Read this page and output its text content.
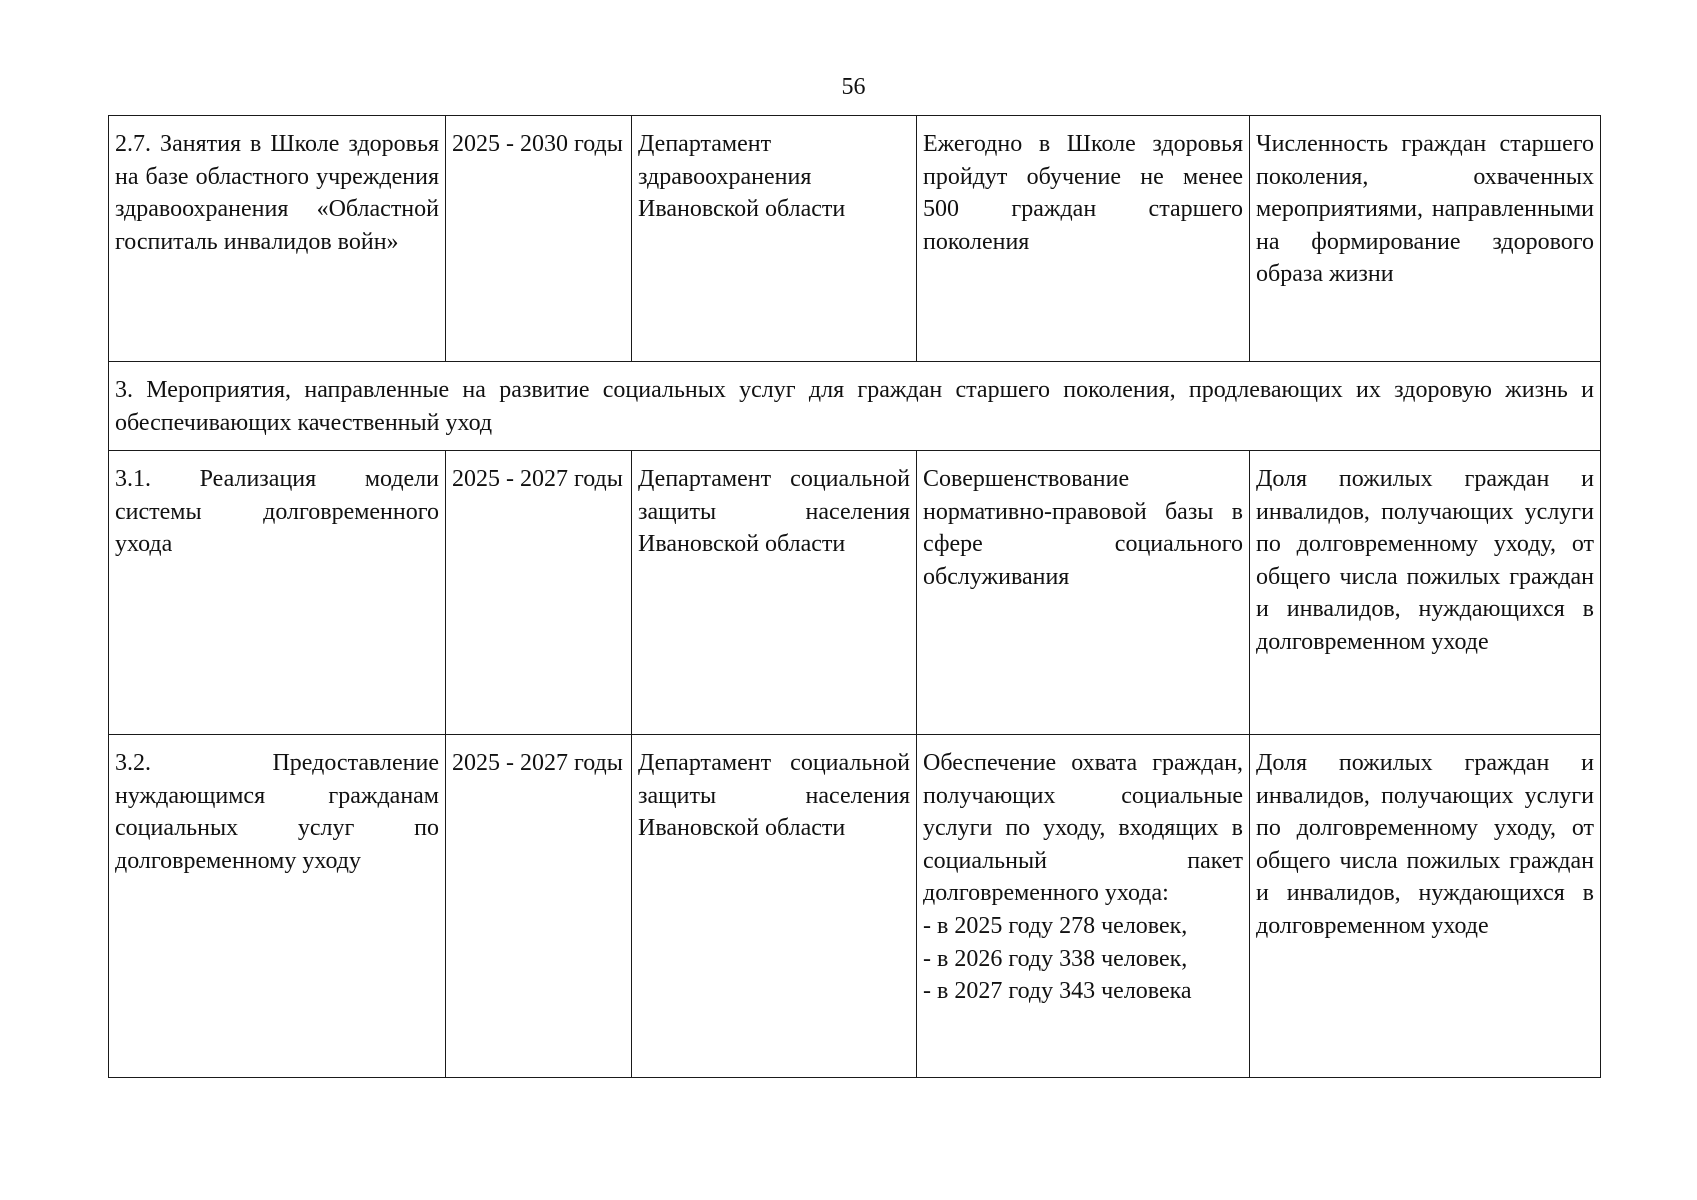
56
2.7. Занятия в Школе здоровья на базе областного учреждения здравоохранения «Областной госпиталь инвалидов войн»	2025 - 2030 годы	Департамент здравоохранения Ивановской области	Ежегодно в Школе здоровья пройдут обучение не менее 500 граждан старшего поколения	Численность граждан старшего поколения, охваченных мероприятиями, направленными на формирование здорового образа жизни
3. Мероприятия, направленные на развитие социальных услуг для граждан старшего поколения, продлевающих их здоровую жизнь и обеспечивающих качественный уход				
3.1. Реализация модели системы долговременного ухода	2025 - 2027 годы	Департамент социальной защиты населения Ивановской области	Совершенствование нормативно-правовой базы в сфере социального обслуживания	Доля пожилых граждан и инвалидов, получающих услуги по долговременному уходу, от общего числа пожилых граждан и инвалидов, нуждающихся в долговременном уходе
3.2. Предоставление нуждающимся гражданам социальных услуг по долговременному уходу	2025 - 2027 годы	Департамент социальной защиты населения Ивановской области	Обеспечение охвата граждан, получающих социальные услуги по уходу, входящих в социальный пакет долговременного ухода:
- в 2025 году 278 человек,
- в 2026 году 338 человек,
- в 2027 году 343 человека	Доля пожилых граждан и инвалидов, получающих услуги по долговременному уходу, от общего числа пожилых граждан и инвалидов, нуждающихся в долговременном уходе
